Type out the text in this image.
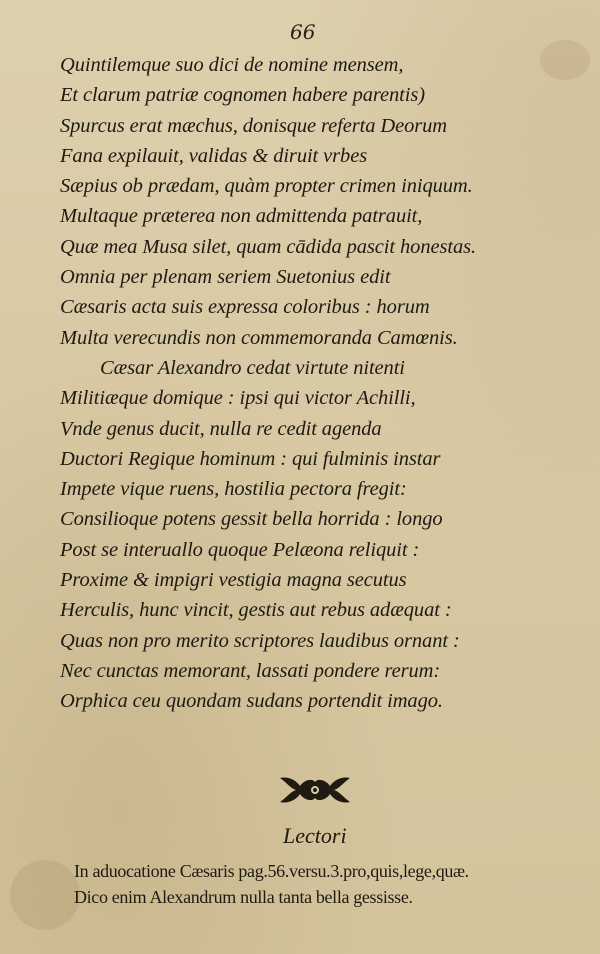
66
Quintilemque suo dici de nomine mensem,
Et clarum patriæ cognomen habere parentis)
Spurcus erat mæchus, donisque referta Deorum
Fana expilauit, validas & diruit vrbes
Sæpius ob prædam, quàm propter crimen iniquum.
Multaque præterea non admittenda patrauit,
Quæ mea Musa silet, quam cādida pascit honestas.
Omnia per plenam seriem Suetonius edit
Cæsaris acta suis expressa coloribus : horum
Multa verecundis non commemoranda Camœnis.
Cæsar Alexandro cedat virtute nitenti
Militiæque domique : ipsi qui victor Achilli,
Vnde genus ducit, nulla re cedit agenda
Ductori Regique hominum : qui fulminis instar
Impete vique ruens, hostilia pectora fregit:
Consilioque potens gessit bella horrida : longo
Post se interuallo quoque Pelæona reliquit :
Proxime & impigri vestigia magna secutus
Herculis, hunc vincit, gestis aut rebus adæquat :
Quas non pro merito scriptores laudibus ornant :
Nec cunctas memorant, lassati pondere rerum:
Orphica ceu quondam sudans portendit imago.
Lectori
In aduocatione Cæsaris pag.56.versu.3.pro,quis,lege,quæ.
Dico enim Alexandrum nulla tanta bella gessisse.
